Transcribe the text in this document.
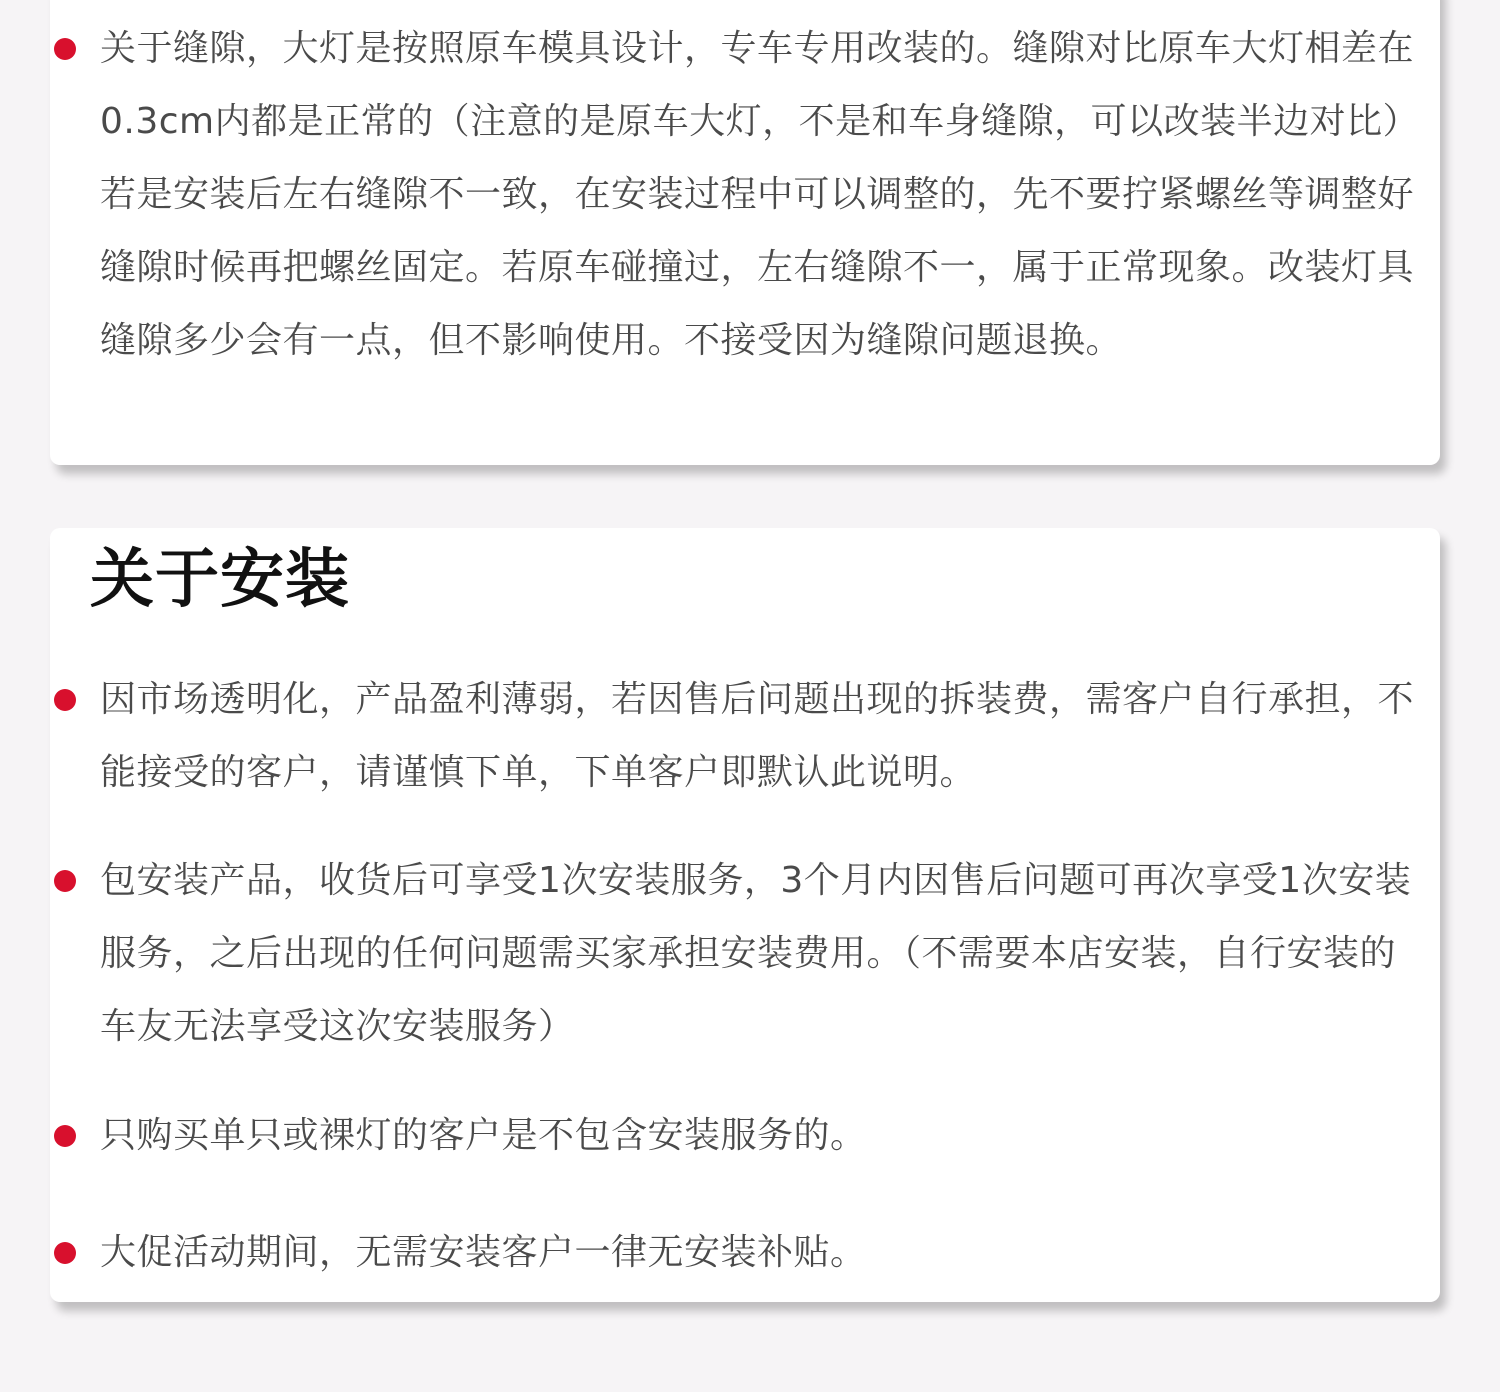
关于缝隙，大灯是按照原车模具设计，专车专用改装的。缝隙对比原车大灯相差在0.3cm内都是正常的（注意的是原车大灯，不是和车身缝隙，可以改装半边对比）若是安装后左右缝隙不一致，在安装过程中可以调整的，先不要拧紧螺丝等调整好缝隙时候再把螺丝固定。若原车碰撞过，左右缝隙不一，属于正常现象。改装灯具缝隙多少会有一点，但不影响使用。不接受因为缝隙问题退换。
关于安装
因市场透明化，产品盈利薄弱，若因售后问题出现的拆装费，需客户自行承担，不能接受的客户，请谨慎下单，下单客户即默认此说明。
包安装产品，收货后可享受1次安装服务，3个月内因售后问题可再次享受1次安装服务，之后出现的任何问题需买家承担安装费用。（不需要本店安装，自行安装的车友无法享受这次安装服务）
只购买单只或裸灯的客户是不包含安装服务的。
大促活动期间，无需安装客户一律无安装补贴。
